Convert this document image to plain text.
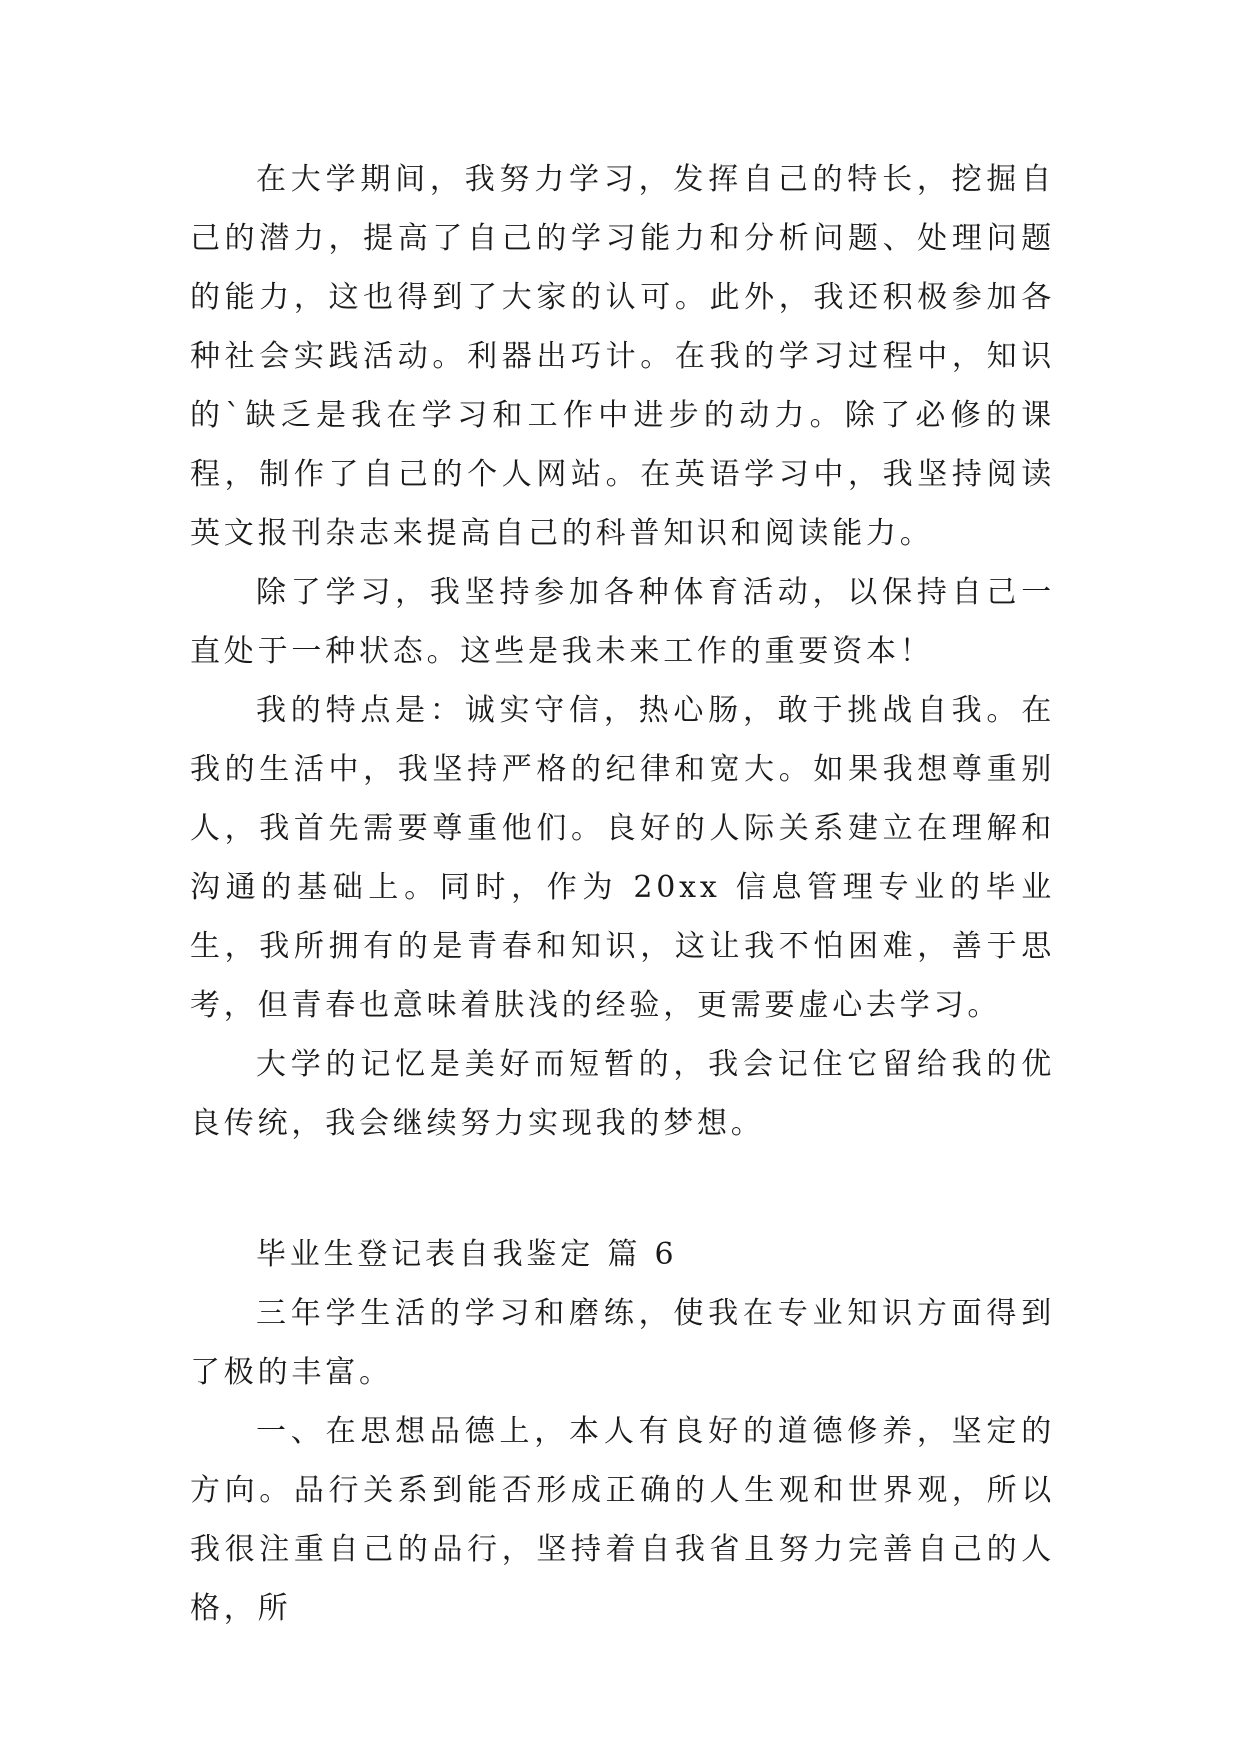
在大学期间，我努力学习，发挥自己的特长，挖掘自己的潜力，提高了自己的学习能力和分析问题、处理问题的能力，这也得到了大家的认可。此外，我还积极参加各种社会实践活动。利器出巧计。在我的学习过程中，知识的`缺乏是我在学习和工作中进步的动力。除了必修的课程，制作了自己的个人网站。在英语学习中，我坚持阅读英文报刊杂志来提高自己的科普知识和阅读能力。

除了学习，我坚持参加各种体育活动，以保持自己一直处于一种状态。这些是我未来工作的重要资本！

我的特点是：诚实守信，热心肠，敢于挑战自我。在我的生活中，我坚持严格的纪律和宽大。如果我想尊重别人，我首先需要尊重他们。良好的人际关系建立在理解和沟通的基础上。同时，作为 20xx 信息管理专业的毕业生，我所拥有的是青春和知识，这让我不怕困难，善于思考，但青春也意味着肤浅的经验，更需要虚心去学习。

大学的记忆是美好而短暂的，我会记住它留给我的优良传统，我会继续努力实现我的梦想。

毕业生登记表自我鉴定 篇 6

三年学生活的学习和磨练，使我在专业知识方面得到了极的丰富。

一、在思想品德上，本人有良好的道德修养，坚定的方向。品行关系到能否形成正确的人生观和世界观，所以我很注重自己的品行，坚持着自我省且努力完善自己的人格，所
